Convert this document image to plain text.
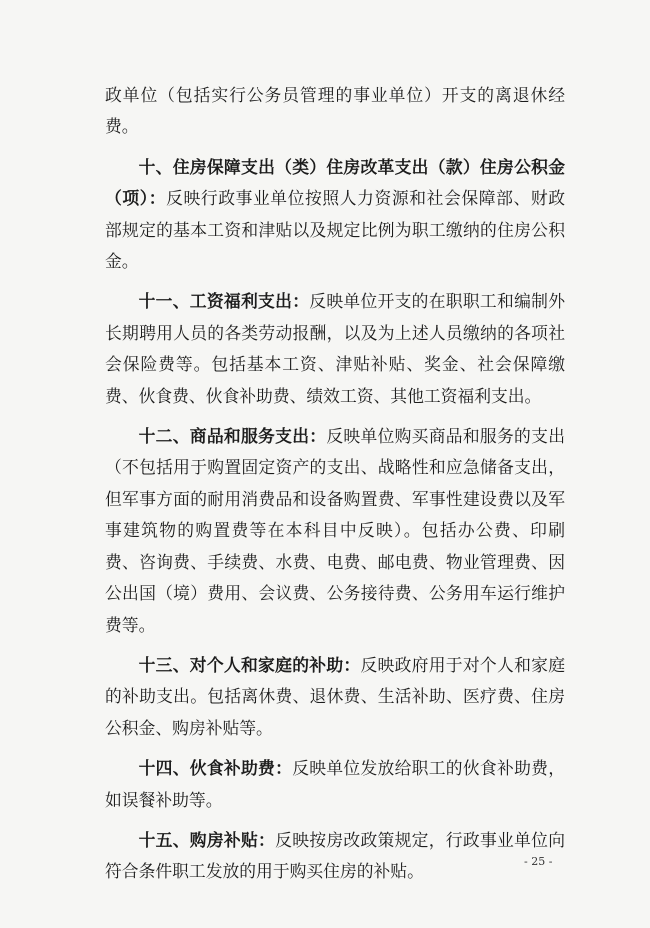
政单位（包括实行公务员管理的事业单位）开支的离退休经费。

十、住房保障支出（类）住房改革支出（款）住房公积金（项）：反映行政事业单位按照人力资源和社会保障部、财政部规定的基本工资和津贴以及规定比例为职工缴纳的住房公积金。

十一、工资福利支出：反映单位开支的在职职工和编制外长期聘用人员的各类劳动报酬，以及为上述人员缴纳的各项社会保险费等。包括基本工资、津贴补贴、奖金、社会保障缴费、伙食费、伙食补助费、绩效工资、其他工资福利支出。

十二、商品和服务支出：反映单位购买商品和服务的支出（不包括用于购置固定资产的支出、战略性和应急储备支出，但军事方面的耐用消费品和设备购置费、军事性建设费以及军事建筑物的购置费等在本科目中反映）。包括办公费、印刷费、咨询费、手续费、水费、电费、邮电费、物业管理费、因公出国（境）费用、会议费、公务接待费、公务用车运行维护费等。

十三、对个人和家庭的补助：反映政府用于对个人和家庭的补助支出。包括离休费、退休费、生活补助、医疗费、住房公积金、购房补贴等。

十四、伙食补助费：反映单位发放给职工的伙食补助费，如误餐补助等。

十五、购房补贴：反映按房改政策规定，行政事业单位向符合条件职工发放的用于购买住房的补贴。	- 25 -
